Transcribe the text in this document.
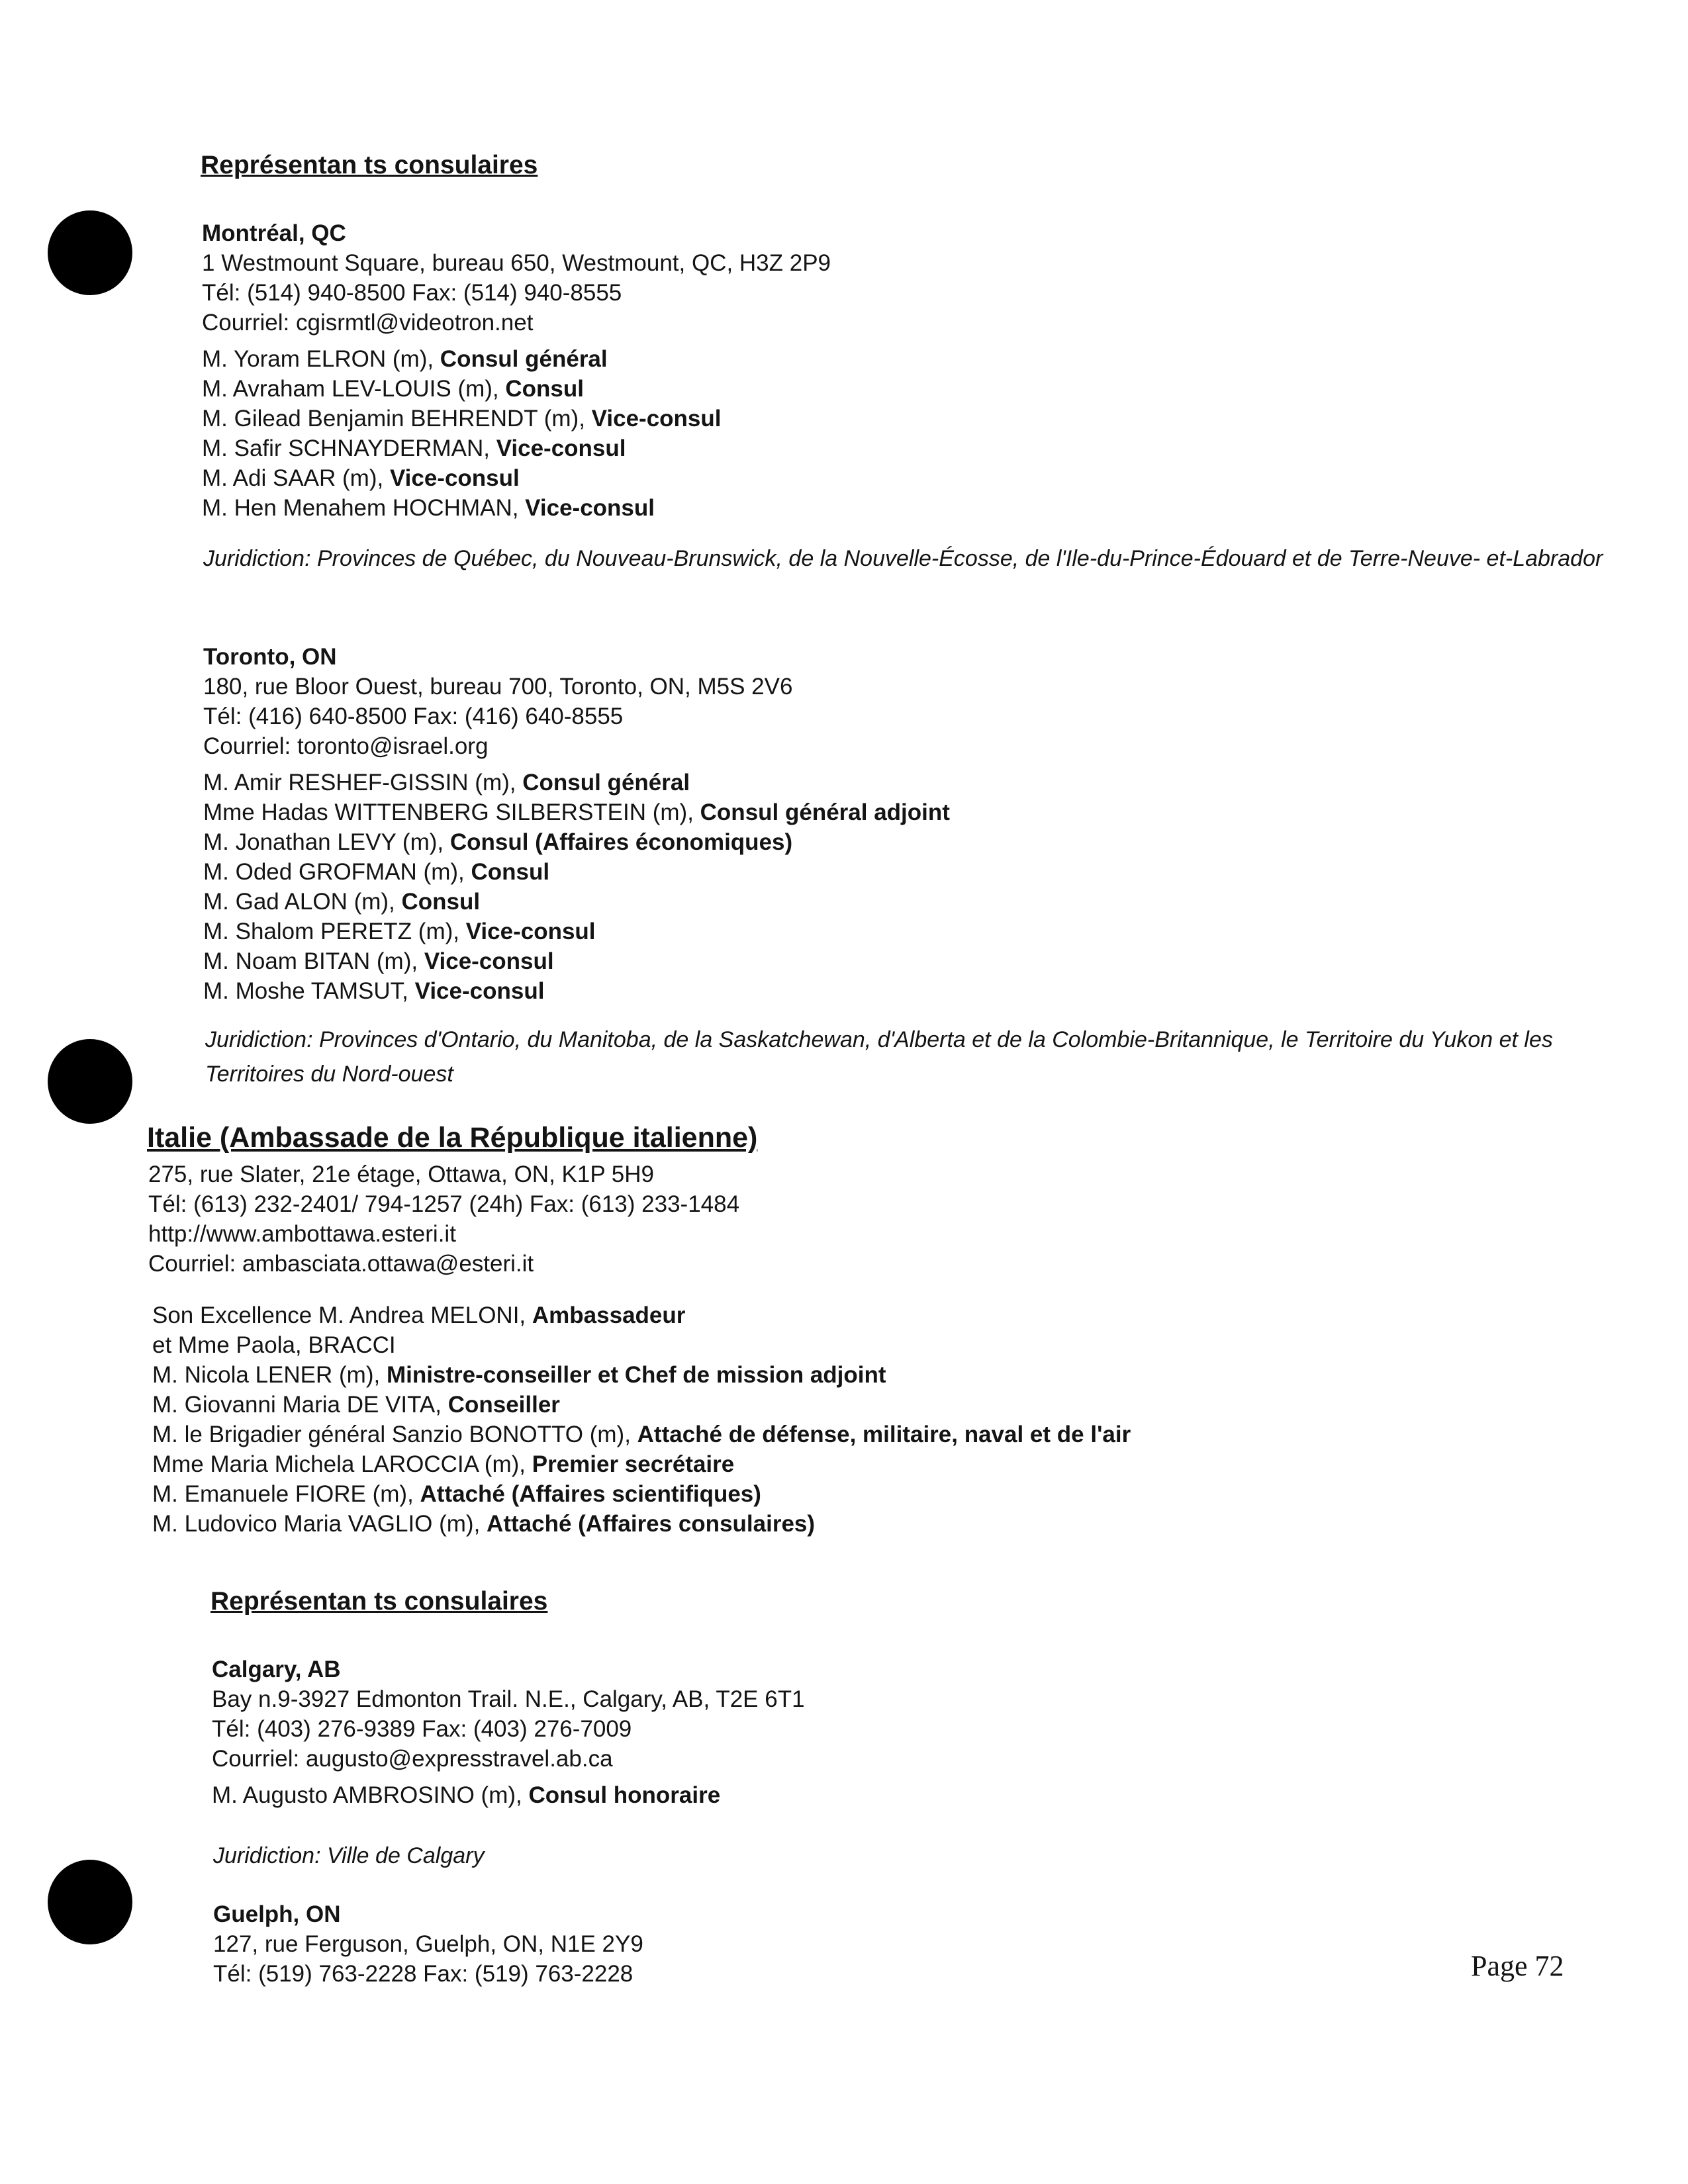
Représentan ts consulaires
Montréal, QC
1 Westmount Square, bureau 650, Westmount, QC, H3Z 2P9
Tél: (514) 940-8500 Fax: (514) 940-8555
Courriel: cgisrmtl@videotron.net
M. Yoram ELRON (m), Consul général
M. Avraham LEV-LOUIS (m), Consul
M. Gilead Benjamin BEHRENDT (m), Vice-consul
M. Safir SCHNAYDERMAN, Vice-consul
M. Adi SAAR (m), Vice-consul
M. Hen Menahem HOCHMAN, Vice-consul
Juridiction: Provinces de Québec, du Nouveau-Brunswick, de la Nouvelle-Écosse, de l'Ile-du-Prince-Édouard et de Terre-Neuve- et-Labrador
Toronto, ON
180, rue Bloor Ouest, bureau 700, Toronto, ON, M5S 2V6
Tél: (416) 640-8500 Fax: (416) 640-8555
Courriel: toronto@israel.org
M. Amir RESHEF-GISSIN (m), Consul général
Mme Hadas WITTENBERG SILBERSTEIN (m), Consul général adjoint
M. Jonathan LEVY (m), Consul (Affaires économiques)
M. Oded GROFMAN (m), Consul
M. Gad ALON (m), Consul
M. Shalom PERETZ (m), Vice-consul
M. Noam BITAN (m), Vice-consul
M. Moshe TAMSUT, Vice-consul
Juridiction: Provinces d'Ontario, du Manitoba, de la Saskatchewan, d'Alberta et de la Colombie-Britannique, le Territoire du Yukon et les Territoires du Nord-ouest
Italie (Ambassade de la République italienne)
275, rue Slater, 21e étage, Ottawa, ON, K1P 5H9
Tél: (613) 232-2401/ 794-1257 (24h) Fax: (613) 233-1484
http://www.ambottawa.esteri.it
Courriel: ambasciata.ottawa@esteri.it
Son Excellence M. Andrea MELONI, Ambassadeur
et Mme Paola, BRACCI
M. Nicola LENER (m), Ministre-conseiller et Chef de mission adjoint
M. Giovanni Maria DE VITA, Conseiller
M. le Brigadier général Sanzio BONOTTO (m), Attaché de défense, militaire, naval et de l'air
Mme Maria Michela LAROCCIA (m), Premier secrétaire
M. Emanuele FIORE (m), Attaché (Affaires scientifiques)
M. Ludovico Maria VAGLIO (m), Attaché (Affaires consulaires)
Représentan ts consulaires
Calgary, AB
Bay n.9-3927 Edmonton Trail. N.E., Calgary, AB, T2E 6T1
Tél: (403) 276-9389 Fax: (403) 276-7009
Courriel: augusto@expresstravel.ab.ca
M. Augusto AMBROSINO (m), Consul honoraire
Juridiction: Ville de Calgary
Guelph, ON
127, rue Ferguson, Guelph, ON, N1E 2Y9
Tél: (519) 763-2228 Fax: (519) 763-2228	Page 72
